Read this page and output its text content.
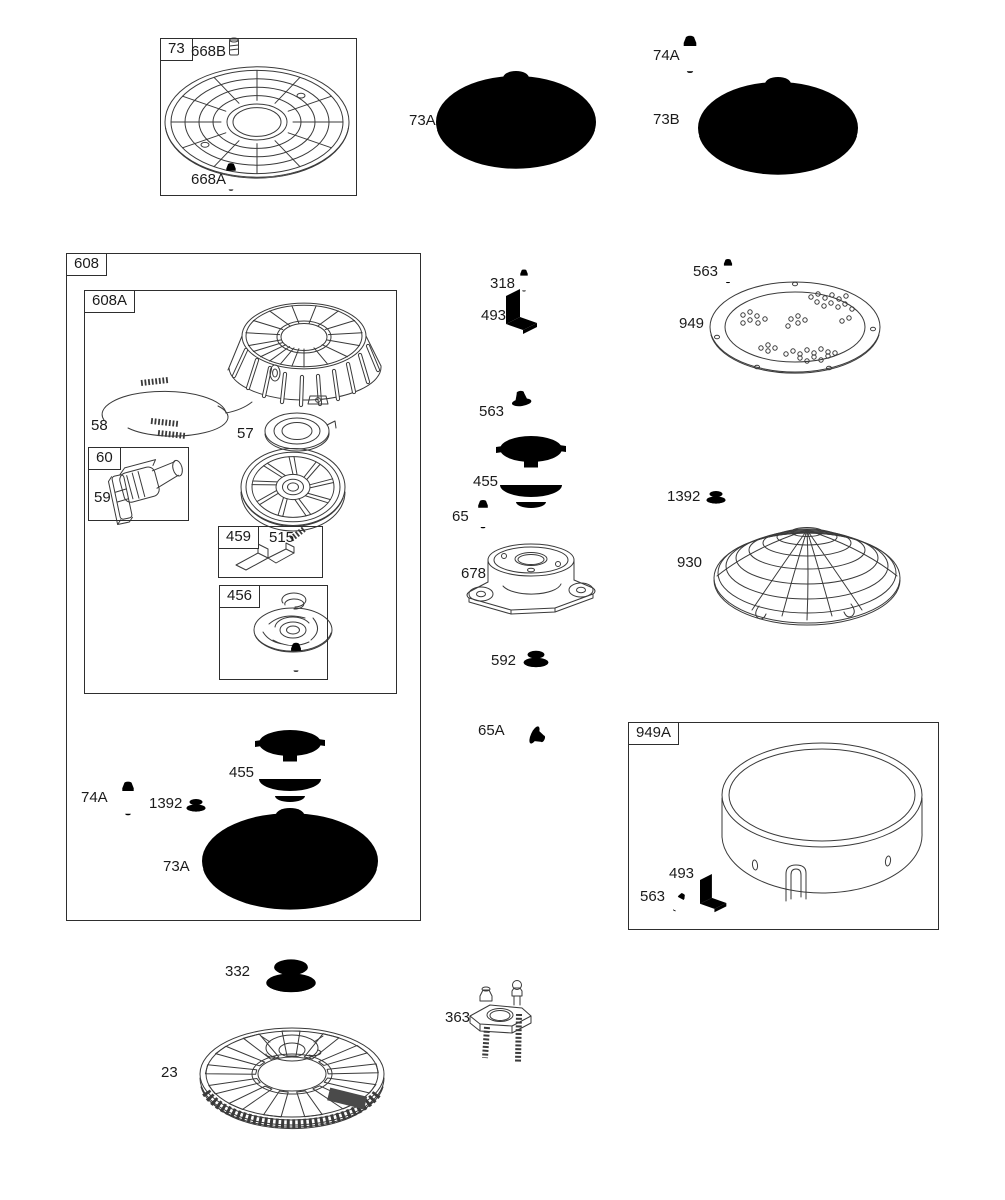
73
608
608A
60
459
456
949A
668B
668A
73A
74A
73B
58	57
59
515
455
74A	1392
73A
318
493
563
455
65
678
592
65A
563
949
1392
930
493
563
332
23
363
